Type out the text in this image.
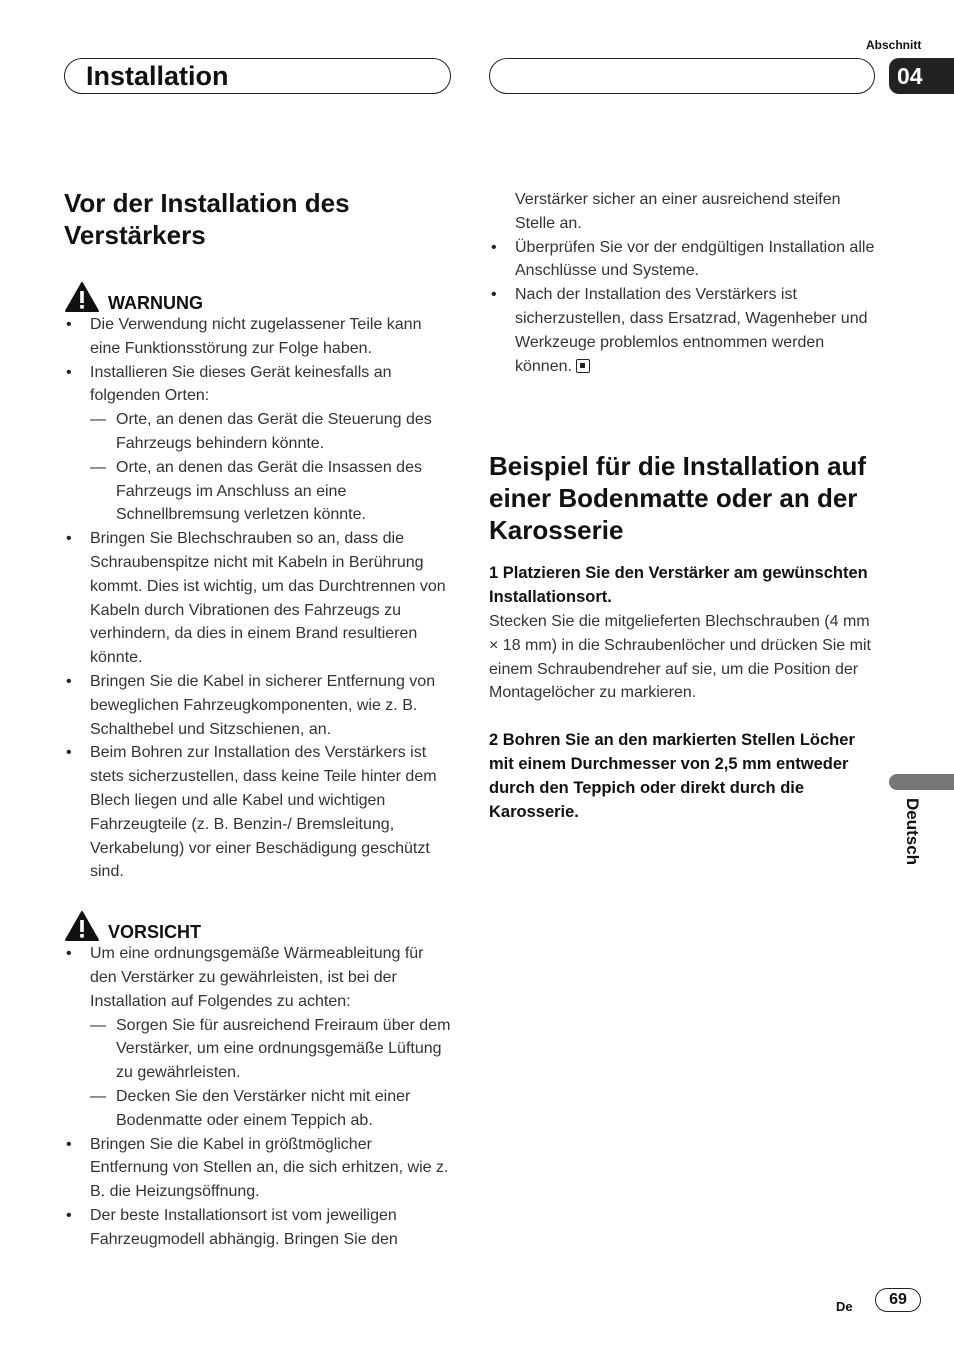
Abschnitt
Installation	04
Vor der Installation des Verstärkers
WARNUNG
• Die Verwendung nicht zugelassener Teile kann eine Funktionsstörung zur Folge haben.
• Installieren Sie dieses Gerät keinesfalls an folgenden Orten:
— Orte, an denen das Gerät die Steuerung des Fahrzeugs behindern könnte.
— Orte, an denen das Gerät die Insassen des Fahrzeugs im Anschluss an eine Schnellbremsung verletzen könnte.
• Bringen Sie Blechschrauben so an, dass die Schraubenspitze nicht mit Kabeln in Berührung kommt. Dies ist wichtig, um das Durchtrennen von Kabeln durch Vibrationen des Fahrzeugs zu verhindern, da dies in einem Brand resultieren könnte.
• Bringen Sie die Kabel in sicherer Entfernung von beweglichen Fahrzeugkomponenten, wie z. B. Schalthebel und Sitzschienen, an.
• Beim Bohren zur Installation des Verstärkers ist stets sicherzustellen, dass keine Teile hinter dem Blech liegen und alle Kabel und wichtigen Fahrzeugteile (z. B. Benzin-/ Bremsleitung, Verkabelung) vor einer Beschädigung geschützt sind.
VORSICHT
• Um eine ordnungsgemäße Wärmeableitung für den Verstärker zu gewährleisten, ist bei der Installation auf Folgendes zu achten:
— Sorgen Sie für ausreichend Freiraum über dem Verstärker, um eine ordnungsgemäße Lüftung zu gewährleisten.
— Decken Sie den Verstärker nicht mit einer Bodenmatte oder einem Teppich ab.
• Bringen Sie die Kabel in größtmöglicher Entfernung von Stellen an, die sich erhitzen, wie z. B. die Heizungsöffnung.
• Der beste Installationsort ist vom jeweiligen Fahrzeugmodell abhängig. Bringen Sie den
Verstärker sicher an einer ausreichend steifen Stelle an.
• Überprüfen Sie vor der endgültigen Installation alle Anschlüsse und Systeme.
• Nach der Installation des Verstärkers ist sicherzustellen, dass Ersatzrad, Wagenheber und Werkzeuge problemlos entnommen werden können.
Beispiel für die Installation auf einer Bodenmatte oder an der Karosserie
1 Platzieren Sie den Verstärker am gewünschten Installationsort.
Stecken Sie die mitgelieferten Blechschrauben (4 mm × 18 mm) in die Schraubenlöcher und drücken Sie mit einem Schraubendreher auf sie, um die Position der Montagelöcher zu markieren.
2 Bohren Sie an den markierten Stellen Löcher mit einem Durchmesser von 2,5 mm entweder durch den Teppich oder direkt durch die Karosserie.	Deutsch
De	69
